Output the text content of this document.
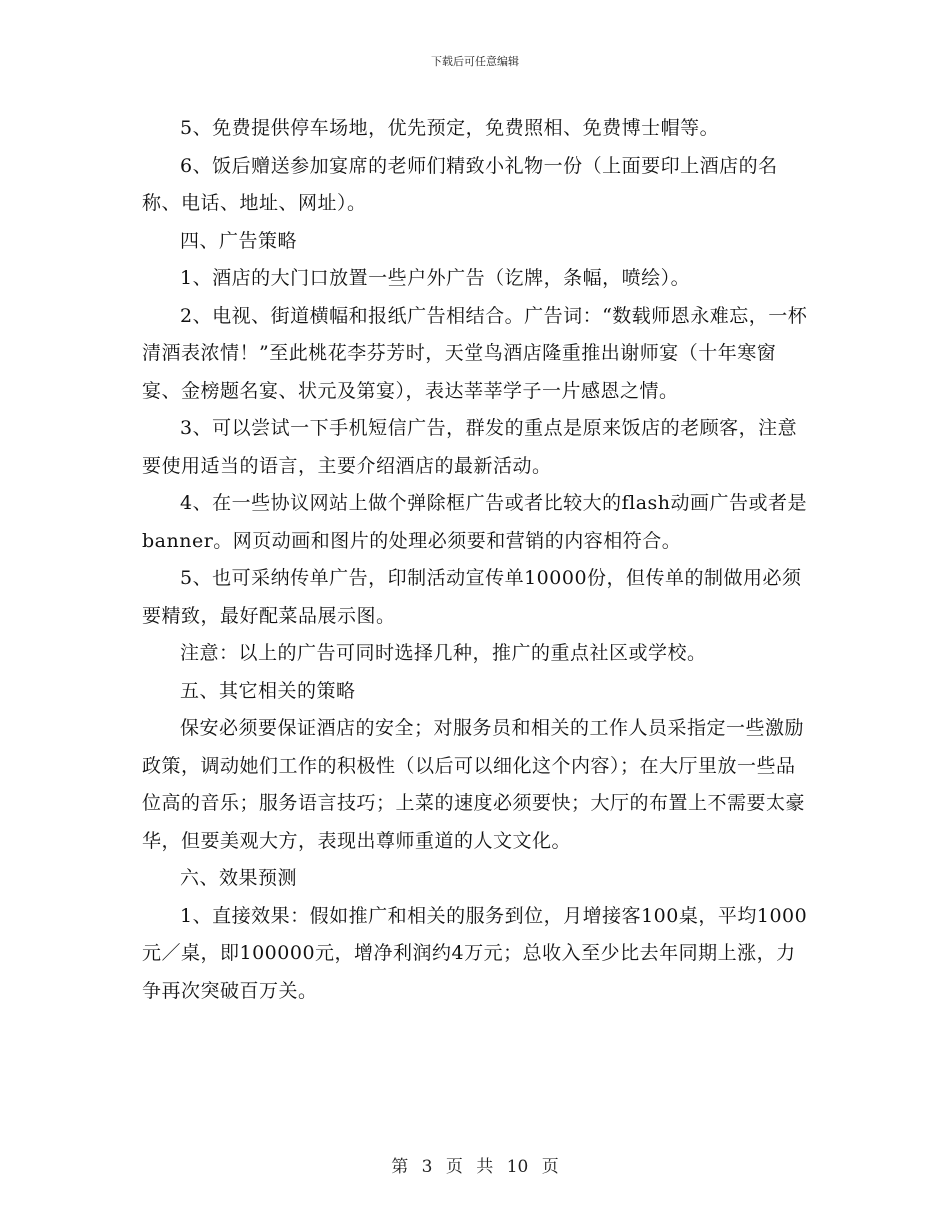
下载后可任意编辑

5、免费提供停车场地，优先预定，免费照相、免费博士帽等。

6、饭后赠送参加宴席的老师们精致小礼物一份（上面要印上酒店的名称、电话、地址、网址）。

四、广告策略

1、酒店的大门口放置一些户外广告（讫牌，条幅，喷绘）。

2、电视、街道横幅和报纸广告相结合。广告词：“数载师恩永难忘，一杯清酒表浓情！”至此桃花李芬芳时，天堂鸟酒店隆重推出谢师宴（十年寒窗宴、金榜题名宴、状元及第宴），表达莘莘学子一片感恩之情。

3、可以尝试一下手机短信广告，群发的重点是原来饭店的老顾客，注意要使用适当的语言，主要介绍酒店的最新活动。

4、在一些协议网站上做个弹除框广告或者比较大的flash动画广告或者是banner。网页动画和图片的处理必须要和营销的内容相符合。

5、也可采纳传单广告，印制活动宣传单10000份，但传单的制做用必须要精致，最好配菜品展示图。

注意：以上的广告可同时选择几种，推广的重点社区或学校。

五、其它相关的策略

保安必须要保证酒店的安全；对服务员和相关的工作人员采指定一些激励政策，调动她们工作的积极性（以后可以细化这个内容）；在大厅里放一些品位高的音乐；服务语言技巧；上菜的速度必须要快；大厅的布置上不需要太豪华，但要美观大方，表现出尊师重道的人文文化。

六、效果预测

1、直接效果：假如推广和相关的服务到位，月增接客100桌，平均1000元／桌，即100000元，增净利润约4万元；总收入至少比去年同期上涨，力争再次突破百万关。

第 3 页 共 10 页
